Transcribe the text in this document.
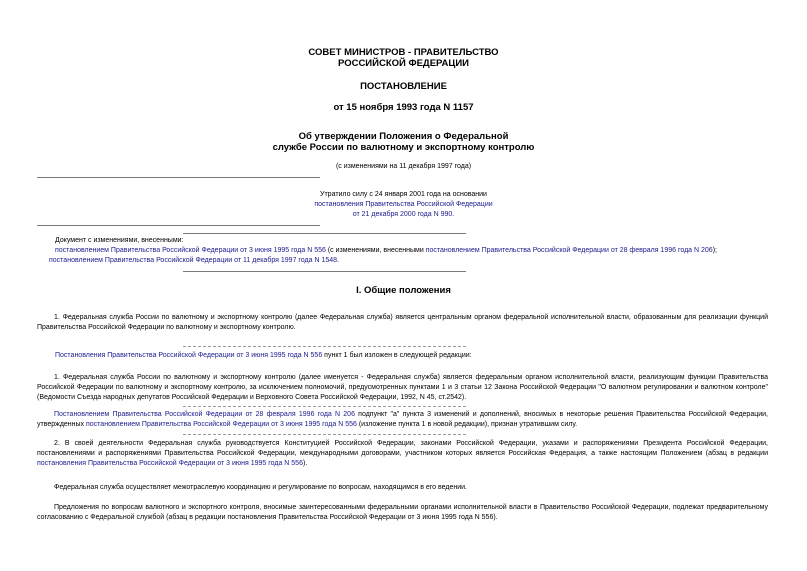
СОВЕТ МИНИСТРОВ - ПРАВИТЕЛЬСТВО
РОССИЙСКОЙ ФЕДЕРАЦИИ
ПОСТАНОВЛЕНИЕ
от 15 ноября 1993 года N 1157
Об утверждении Положения о Федеральной
службе России по валютному и экспортному контролю
(с изменениями на 11 декабря 1997 года)
Утратило силу с 24 января 2001 года на основании
постановления Правительства Российской Федерации
от 21 декабря 2000 года N 990.
Документ с изменениями, внесенными:
постановлением Правительства Российской Федерации от 3 июня 1995 года N 556 (с изменениями, внесенными постановлением Правительства Российской Федерации от 28 февраля 1996 года N 206);
постановлением Правительства Российской Федерации от 11 декабря 1997 года N 1548.
I. Общие положения
1. Федеральная служба России по валютному и экспортному контролю (далее Федеральная служба) является центральным органом федеральной исполнительной власти, образованным для реализации функций Правительства Российской Федерации по валютному и экспортному контролю.
Постановления Правительства Российской Федерации от 3 июня 1995 года N 556 пункт 1 был изложен в следующей редакции:
1. Федеральная служба России по валютному и экспортному контролю (далее именуется - Федеральная служба) является федеральным органом исполнительной власти, реализующим функции Правительства Российской Федерации по валютному и экспортному контролю, за исключением полномочий, предусмотренных пунктами 1 и 3 статьи 12 Закона Российской Федерации "О валютном регулировании и валютном контроле" (Ведомости Съезда народных депутатов Российской Федерации и Верховного Совета Российской Федерации, 1992, N 45, ст.2542).
Постановлением Правительства Российской Федерации от 28 февраля 1996 года N 206 подпункт "а" пункта 3 изменений и дополнений, вносимых в некоторые решения Правительства Российской Федерации, утвержденных постановлением Правительства Российской Федерации от 3 июня 1995 года N 556 (изложение пункта 1 в новой редакции), признан утратившим силу.
2. В своей деятельности Федеральная служба руководствуется Конституцией Российской Федерации, законами Российской Федерации, указами и распоряжениями Президента Российской Федерации, постановлениями и распоряжениями Правительства Российской Федерации, международными договорами, участником которых является Российская Федерация, а также настоящим Положением (абзац в редакции постановления Правительства Российской Федерации от 3 июня 1995 года N 556).
Федеральная служба осуществляет межотраслевую координацию и регулирование по вопросам, находящимся в его ведении.
Предложения по вопросам валютного и экспортного контроля, вносимые заинтересованными федеральными органами исполнительной власти в Правительство Российской Федерации, подлежат предварительному согласованию с Федеральной службой (абзац в редакции постановления Правительства Российской Федерации от 3 июня 1995 года N 556).
